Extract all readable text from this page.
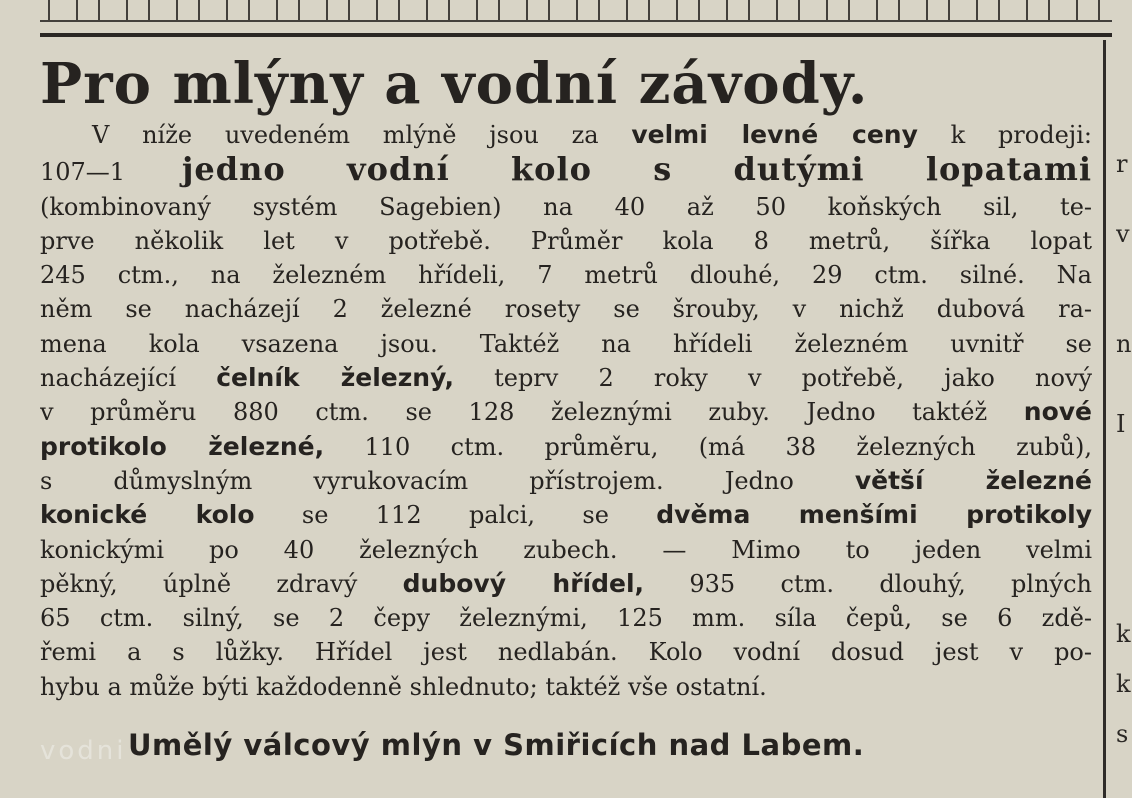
r
v
n
I
k
k
s
Pro mlýny a vodní závody.
V níže uvedeném mlýně jsou za velmi levné ceny k prodeji:
107—1 jedno vodní kolo s dutými lopatami
(kombinovaný systém Sagebien) na 40 až 50 koňských sil, te-
prve několik let v potřebě. Průměr kola 8 metrů, šířka lopat
245 ctm., na železném hřídeli, 7 metrů dlouhé, 29 ctm. silné. Na
něm se nacházejí 2 železné rosety se šrouby, v nichž dubová ra-
mena kola vsazena jsou. Taktéž na hřídeli železném uvnitř se
nacházející čelník železný, teprv 2 roky v potřebě, jako nový
v průměru 880 ctm. se 128 železnými zuby. Jedno taktéž nové
protikolo železné, 110 ctm. průměru, (má 38 železných zubů),
s důmyslným vyrukovacím přístrojem. Jedno větší železné
konické kolo se 112 palci, se dvěma menšími protikoly
konickými po 40 železných zubech. — Mimo to jeden velmi
pěkný, úplně zdravý dubový hřídel, 935 ctm. dlouhý, plných
65 ctm. silný, se 2 čepy železnými, 125 mm. síla čepů, se 6 zdě-
řemi a s lůžky. Hřídel jest nedlabán. Kolo vodní dosud jest v po-
hybu a může býti každodenně shlednuto; taktéž vše ostatní.
Umělý válcový mlýn v Smiřicích nad Labem.
vodni
